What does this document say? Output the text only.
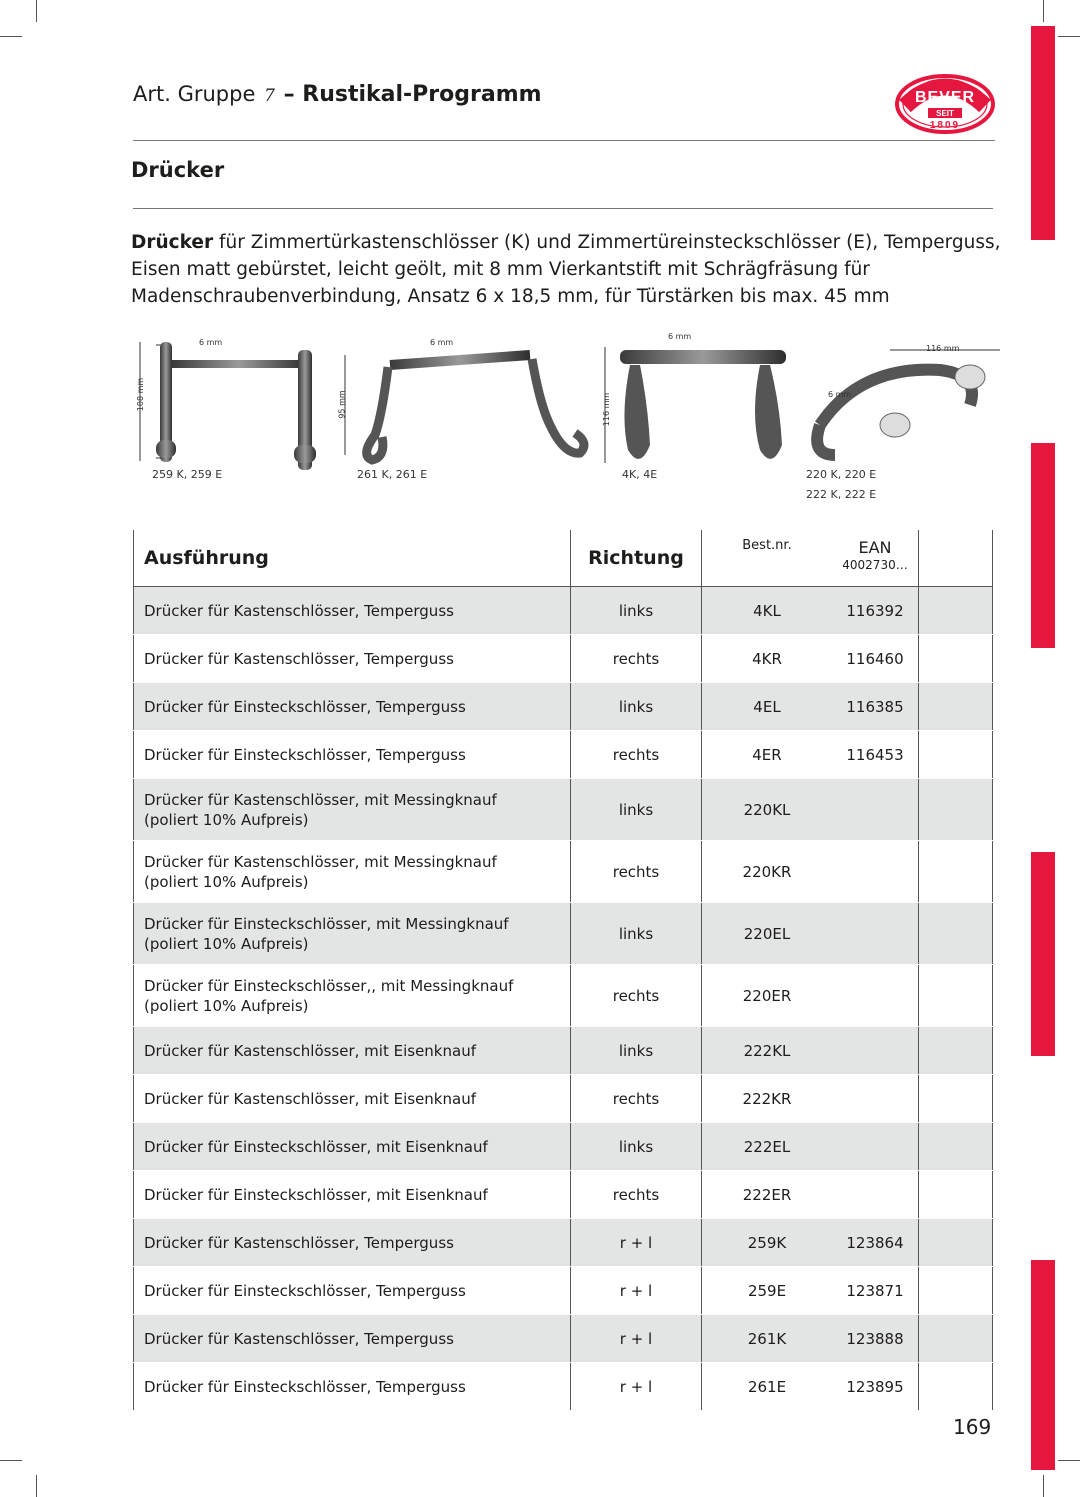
Art. Gruppe 7 – Rustikal-Programm	BEVER
SEIT
1809
Drücker
Drücker für Zimmertürkastenschlösser (K) und Zimmertüreinsteckschlösser (E), Temperguss, Eisen matt gebürstet, leicht geölt, mit 8 mm Vierkantstift mit Schrägfräsung für Madenschraubenverbindung, Ansatz 6 x 18,5 mm, für Türstärken bis max. 45 mm
259 K, 259 E	261 K, 261 E	4K, 4E	220 K, 220 E
222 K, 222 E
108 mm
6 mm
95 mm
6 mm
116 mm
6 mm
116 mm
6 mm
Ausführung	Richtung	Best.nr.	EAN
4002730…	

Drücker für Kastenschlösser, Temperguss	links	4KL	116392	

Drücker für Kastenschlösser, Temperguss	rechts	4KR	116460	

Drücker für Einsteckschlösser, Temperguss	links	4EL	116385	

Drücker für Einsteckschlösser, Temperguss	rechts	4ER	116453	

Drücker für Kastenschlösser, mit Messingknauf
(poliert 10% Aufpreis)	links	220KL		

Drücker für Kastenschlösser, mit Messingknauf
(poliert 10% Aufpreis)	rechts	220KR		

Drücker für Einsteckschlösser, mit Messingknauf
(poliert 10% Aufpreis)	links	220EL		

Drücker für Einsteckschlösser,, mit Messingknauf
(poliert 10% Aufpreis)	rechts	220ER		

Drücker für Kastenschlösser, mit Eisenknauf	links	222KL		

Drücker für Kastenschlösser, mit Eisenknauf	rechts	222KR		

Drücker für Einsteckschlösser, mit Eisenknauf	links	222EL		

Drücker für Einsteckschlösser, mit Eisenknauf	rechts	222ER		

Drücker für Kastenschlösser, Temperguss	r + l	259K	123864	

Drücker für Einsteckschlösser, Temperguss	r + l	259E	123871	

Drücker für Kastenschlösser, Temperguss	r + l	261K	123888	

Drücker für Einsteckschlösser, Temperguss	r + l	261E	123895	
169
